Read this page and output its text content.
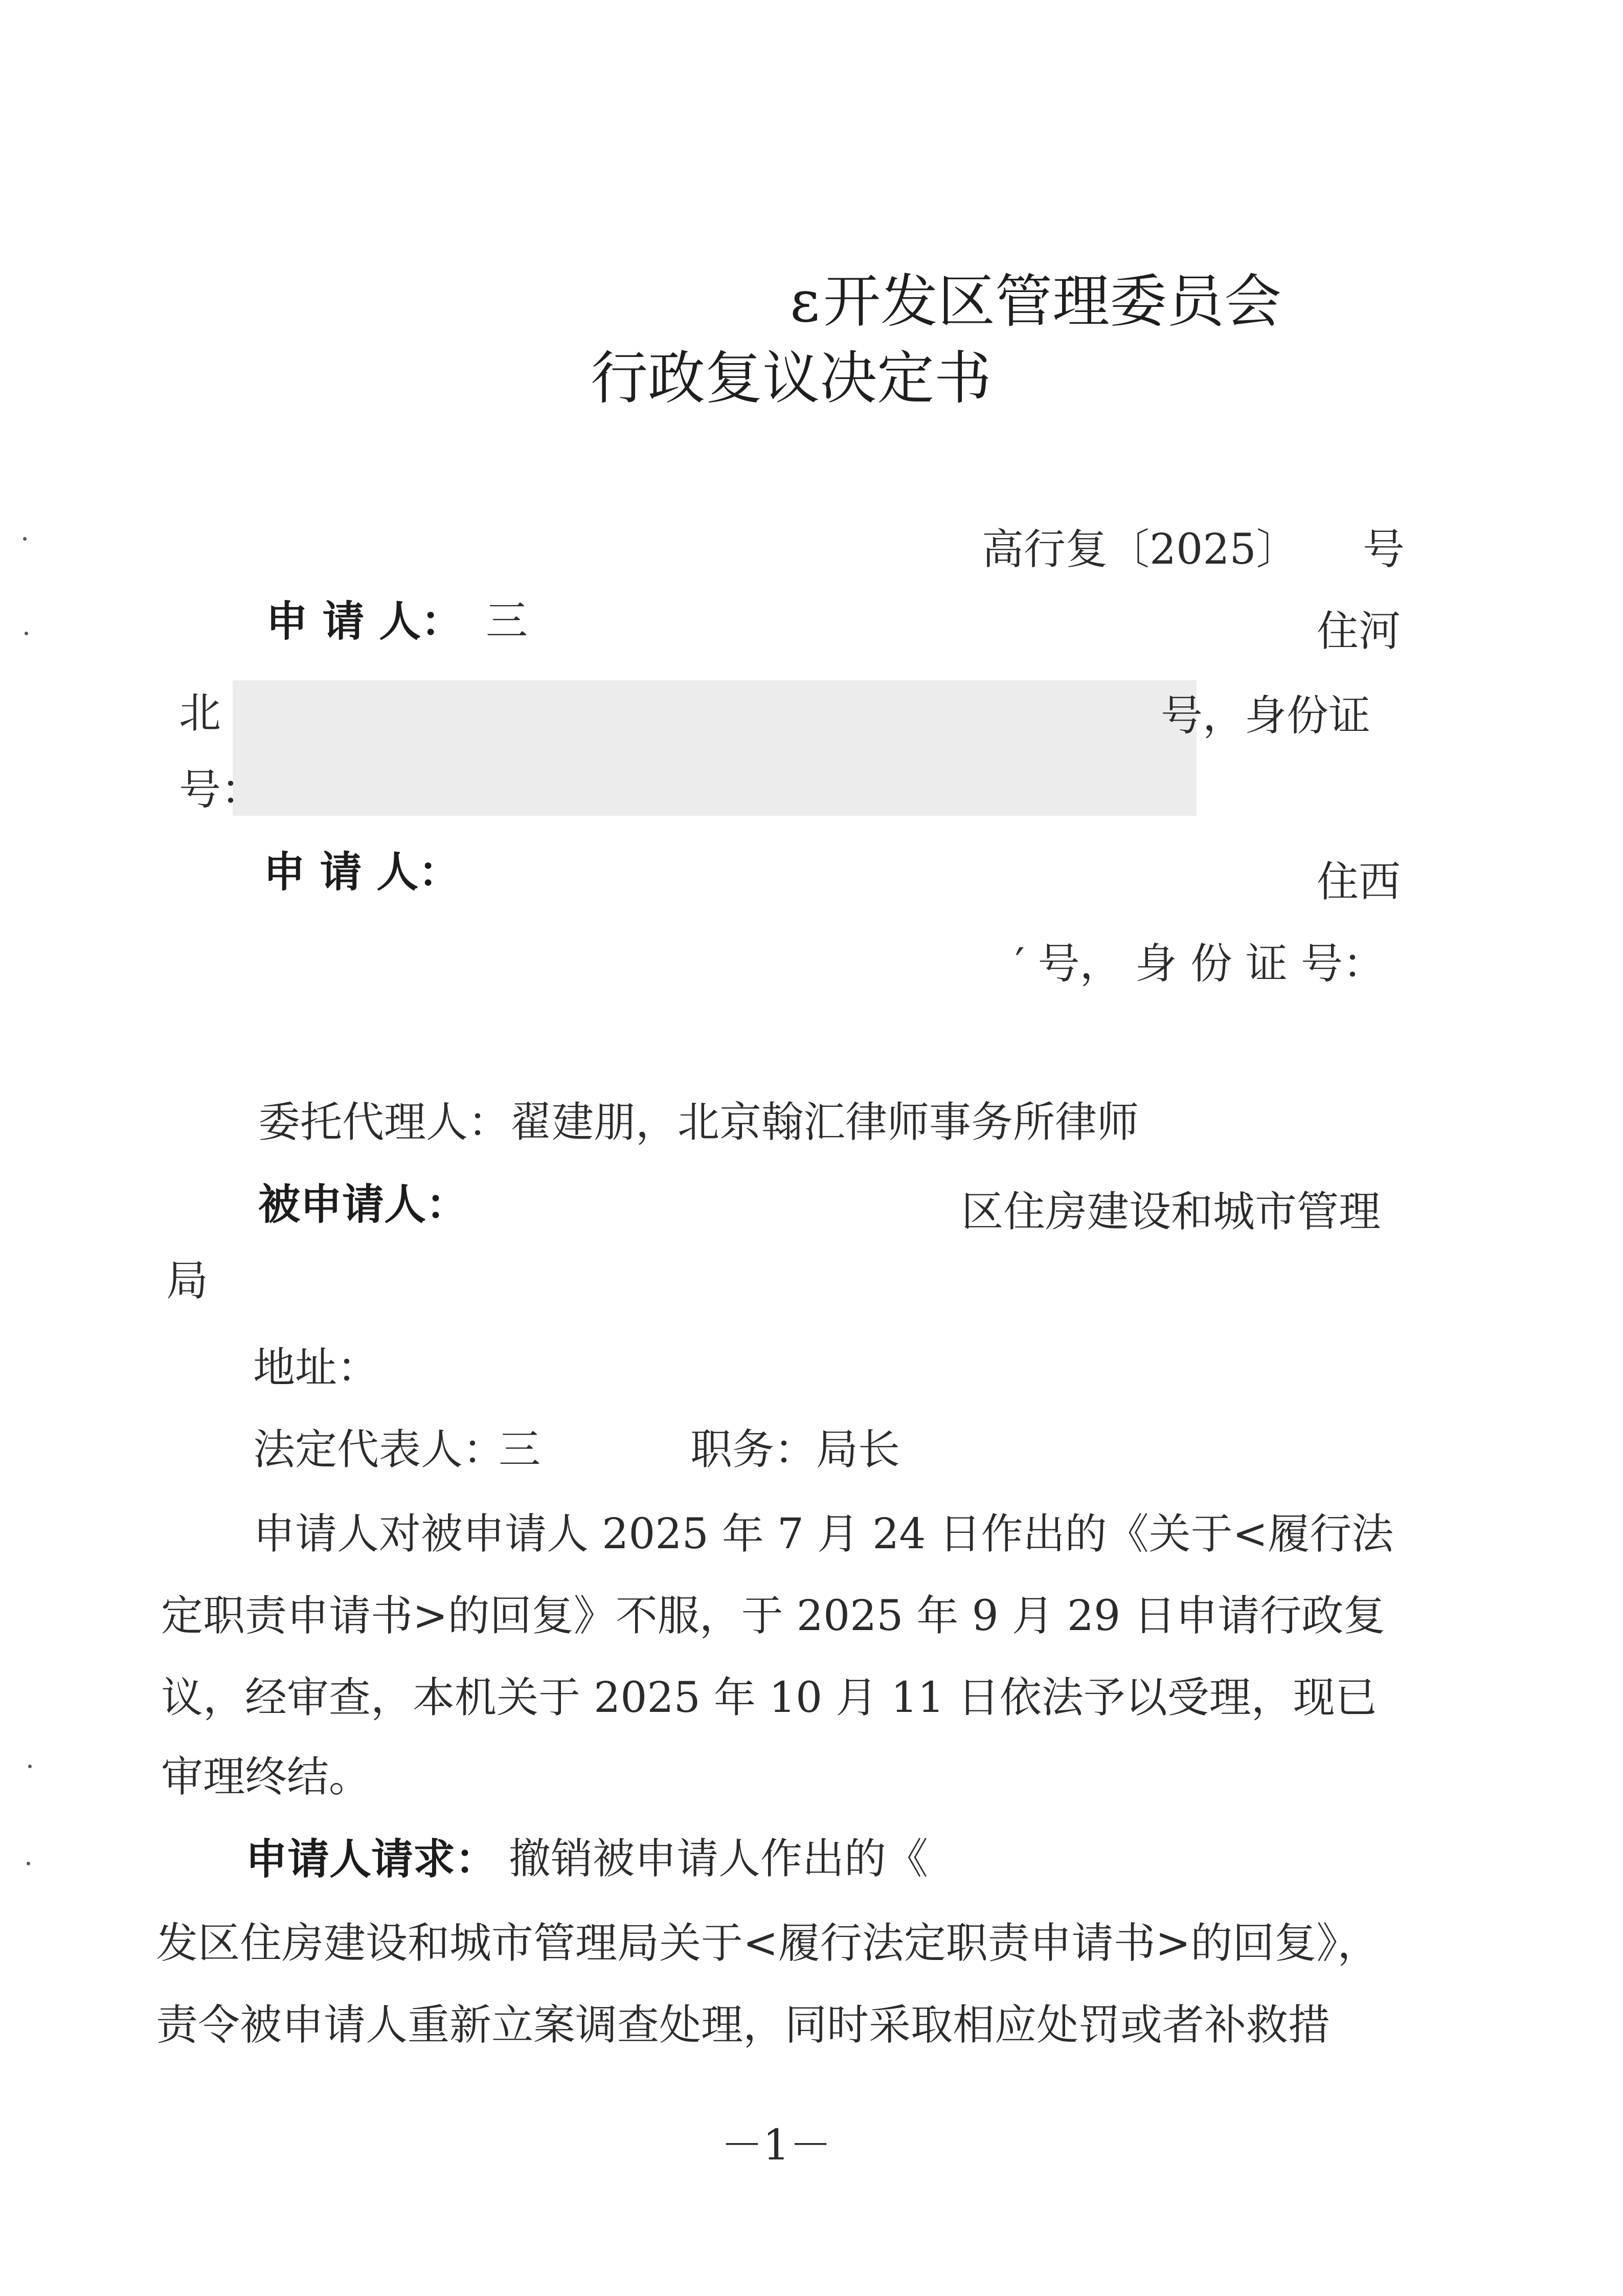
ɛ 开发区管理委员会
行政复议决定书
高行复〔2025〕 号
申 请 人： 三	住河
北	号，身份证
号：
申 请 人：	住西
′ 号， 身 份 证 号：
委托代理人：翟建朋，北京翰汇律师事务所律师
被申请人：	区住房建设和城市管理
局
地址：
法定代表人：
三	职务：局长
申请人对被申请人 2025 年 7 月 24 日作出的《关于<履行法
定职责申请书>的回复》不服，于 2025 年 9 月 29 日申请行政复
议，经审查，本机关于 2025 年 10 月 11 日依法予以受理，现已
审理终结。
申请人请求： 撤销被申请人作出的《
发区住房建设和城市管理局关于<履行法定职责申请书>的回复》，
责令被申请人重新立案调查处理，同时采取相应处罚或者补救措
－1－
